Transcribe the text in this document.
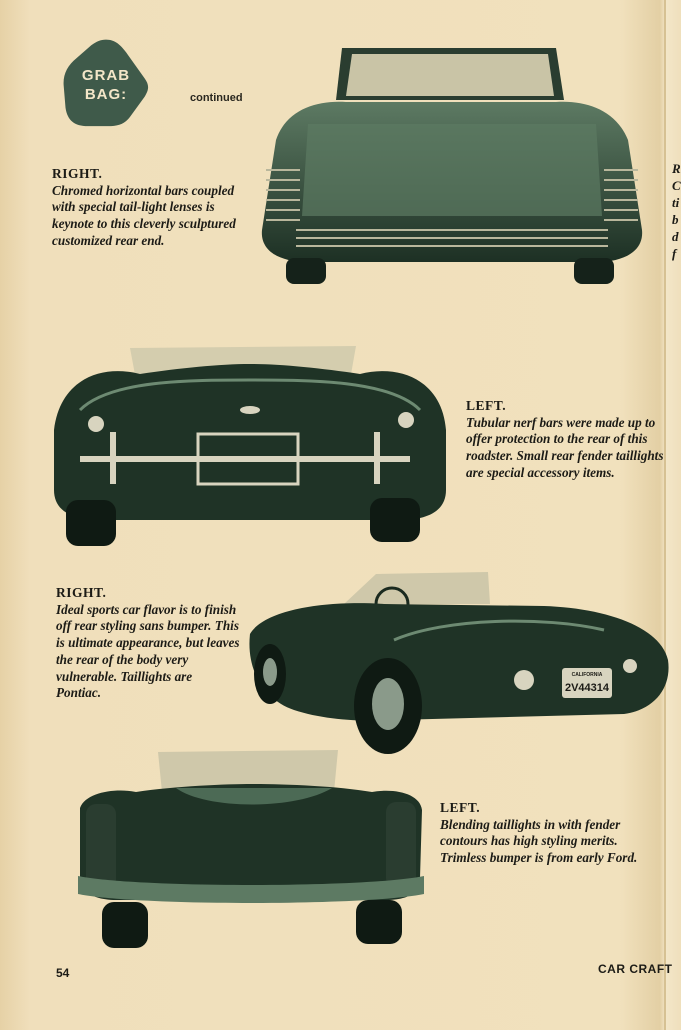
GRAB
BAG:	continued
RIGHT.
Chromed horizontal bars coupled with special tail-light lenses is keynote to this cleverly sculptured customized rear end.
LEFT.
Tubular nerf bars were made up to offer protection to the rear of this roadster. Small rear fender taillights are special accessory items.
RIGHT.
Ideal sports car flavor is to finish off rear styling sans bumper. This is ultimate appearance, but leaves the rear of the body very vulnerable. Taillights are Pontiac.
CALIFORNIA
2V44314
LEFT.
Blending taillights in with fender contours has high styling merits. Trimless bumper is from early Ford.
R
C
ti
b
d
f
54	CAR CRAFT
